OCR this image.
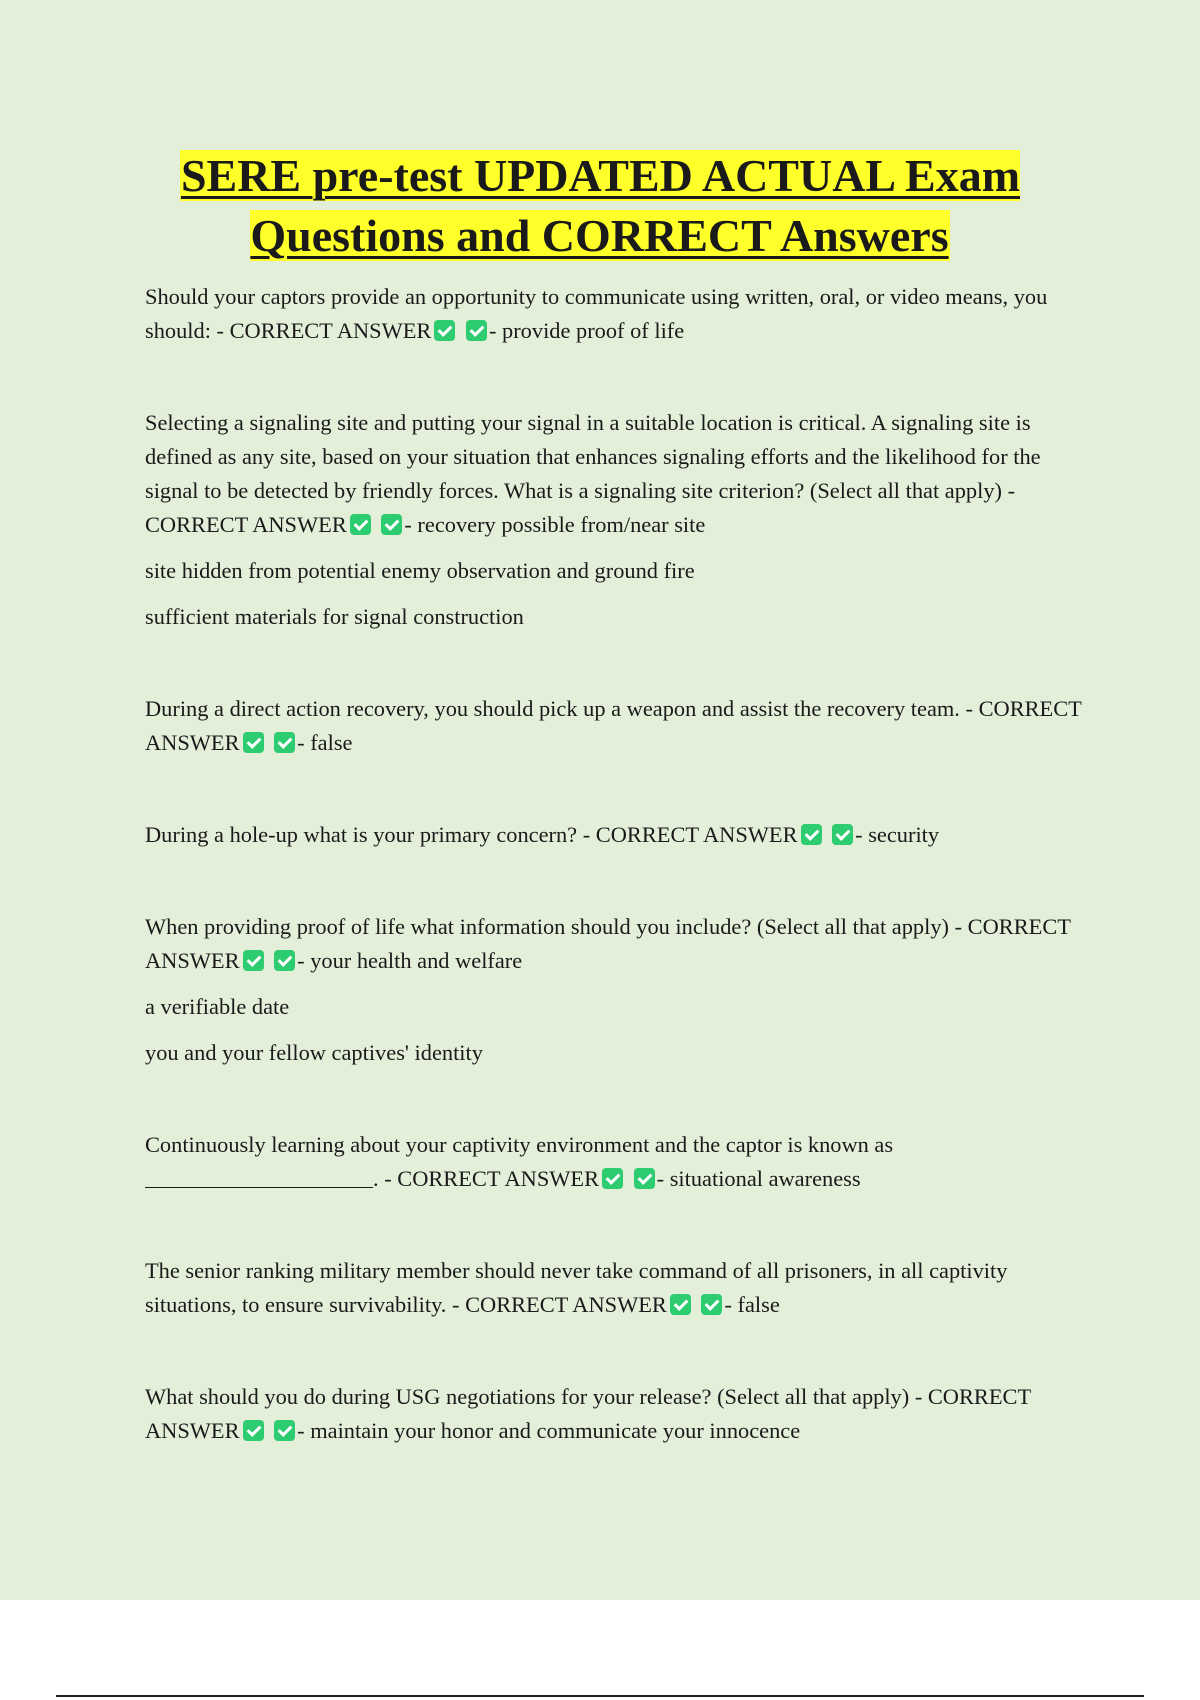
SERE pre-test UPDATED ACTUAL Exam Questions and CORRECT Answers

Should your captors provide an opportunity to communicate using written, oral, or video means, you should: - CORRECT ANSWER	- provide proof of life

Selecting a signaling site and putting your signal in a suitable location is critical. A signaling site is defined as any site, based on your situation that enhances signaling efforts and the likelihood for the signal to be detected by friendly forces. What is a signaling site criterion? (Select all that apply) - CORRECT ANSWER	- recovery possible from/near site

site hidden from potential enemy observation and ground fire

sufficient materials for signal construction

During a direct action recovery, you should pick up a weapon and assist the recovery team. - CORRECT ANSWER	- false

During a hole-up what is your primary concern? - CORRECT ANSWER	- security

When providing proof of life what information should you include? (Select all that apply) - CORRECT ANSWER	- your health and welfare

a verifiable date

you and your fellow captives' identity

Continuously learning about your captivity environment and the captor is known as . - CORRECT ANSWER	- situational awareness

The senior ranking military member should never take command of all prisoners, in all captivity situations, to ensure survivability. - CORRECT ANSWER	- false

What should you do during USG negotiations for your release? (Select all that apply) - CORRECT ANSWER	- maintain your honor and communicate your innocence
